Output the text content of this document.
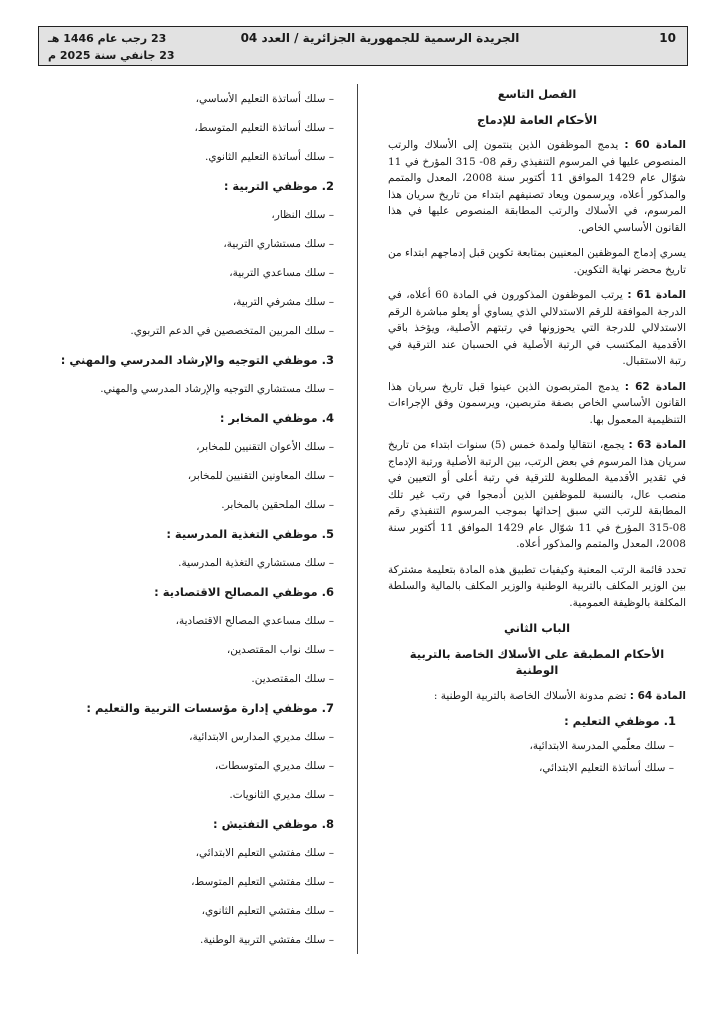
23 رجب عام 1446 هـ
23 جانفي سنة 2025 م
الجريدة الرسمية للجمهورية الجزائرية / العدد 04	10

الفصل التاسع

الأحكام العامة للإدماج

المادة 60 : يدمج الموظفون الذين ينتمون إلى الأسلاك والرتب المنصوص عليها في المرسوم التنفيذي رقم 08- 315 المؤرخ في 11 شوّال عام 1429 الموافق 11 أكتوبر سنة 2008، المعدل والمتمم والمذكور أعلاه، ويرسمون ويعاد تصنيفهم ابتداء من تاريخ سريان هذا المرسوم، في الأسلاك والرتب المطابقة المنصوص عليها في هذا القانون الأساسي الخاص.

يسري إدماج الموظفين المعنيين بمتابعة تكوين قبل إدماجهم ابتداء من تاريخ محضر نهاية التكوين.

المادة 61 : يرتب الموظفون المذكورون في المادة 60 أعلاه، في الدرجة الموافقة للرقم الاستدلالي الذي يساوي أو يعلو مباشرة الرقم الاستدلالي للدرجة التي يحوزونها في رتبتهم الأصلية، ويؤخذ باقي الأقدمية المكتسب في الرتبة الأصلية في الحسبان عند الترقية في رتبة الاستقبال.

المادة 62 : يدمج المتربصون الذين عينوا قبل تاريخ سريان هذا القانون الأساسي الخاص بصفة متربصين، ويرسمون وفق الإجراءات التنظيمية المعمول بها.

المادة 63 : يجمع، انتقاليا ولمدة خمس (5) سنوات ابتداء من تاريخ سريان هذا المرسوم في بعض الرتب، بين الرتبة الأصلية ورتبة الإدماج في تقدير الأقدمية المطلوبة للترقية في رتبة أعلى أو التعيين في منصب عال، بالنسبة للموظفين الذين أدمجوا في رتب غير تلك المطابقة للرتب التي سبق إحداثها بموجب المرسوم التنفيذي رقم 08-315 المؤرخ في 11 شوّال عام 1429 الموافق 11 أكتوبر سنة 2008، المعدل والمتمم والمذكور أعلاه.

تحدد قائمة الرتب المعنية وكيفيات تطبيق هذه المادة بتعليمة مشتركة بين الوزير المكلف بالتربية الوطنية والوزير المكلف بالمالية والسلطة المكلفة بالوظيفة العمومية.

الباب الثاني

الأحكام المطبقة على الأسلاك الخاصة بالتربية الوطنية

المادة 64 : تضم مدونة الأسلاك الخاصة بالتربية الوطنية :

1. موظفي التعليم :

– سلك معلّمي المدرسة الابتدائية،

– سلك أساتذة التعليم الابتدائي،

– سلك أساتذة التعليم الأساسي،
– سلك أساتذة التعليم المتوسط،
– سلك أساتذة التعليم الثانوي.
2. موظفي التربية :
– سلك النظار،
– سلك مستشاري التربية،
– سلك مساعدي التربية،
– سلك مشرفي التربية،
– سلك المربين المتخصصين في الدعم التربوي.
3. موظفي التوجيه والإرشاد المدرسي والمهني :
– سلك مستشاري التوجيه والإرشاد المدرسي والمهني.
4. موظفي المخابر :
– سلك الأعوان التقنيين للمخابر،
– سلك المعاونين التقنيين للمخابر،
– سلك الملحقين بالمخابر.
5. موظفي التغذية المدرسية :
– سلك مستشاري التغذية المدرسية.
6. موظفي المصالح الاقتصادية :
– سلك مساعدي المصالح الاقتصادية،
– سلك نواب المقتصدين،
– سلك المقتصدين.
7. موظفي إدارة مؤسسات التربية والتعليم :
– سلك مديري المدارس الابتدائية،
– سلك مديري المتوسطات،
– سلك مديري الثانويات.
8. موظفي التفتيش :
– سلك مفتشي التعليم الابتدائي،
– سلك مفتشي التعليم المتوسط،
– سلك مفتشي التعليم الثانوي،
– سلك مفتشي التربية الوطنية.
